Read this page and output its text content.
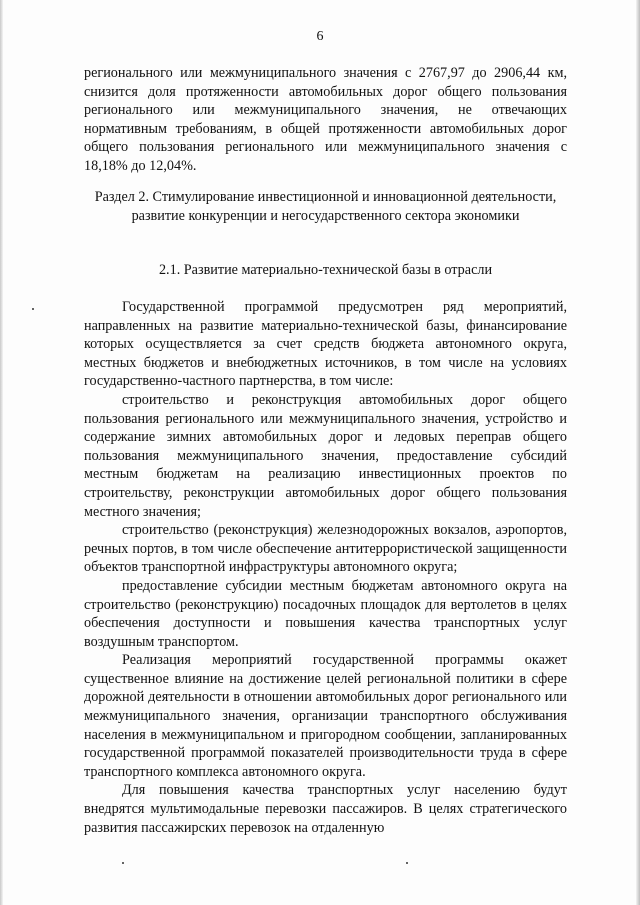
6

регионального или межмуниципального значения с 2767,97 до 2906,44 км, снизится доля протяженности автомобильных дорог общего пользования регионального или межмуниципального значения, не отвечающих нормативным требованиям, в общей протяженности автомобильных дорог общего пользования регионального или межмуниципального значения с 18,18% до 12,04%.

Раздел 2. Стимулирование инвестиционной и инновационной деятельности, развитие конкуренции и негосударственного сектора экономики

2.1. Развитие материально-технической базы в отрасли

Государственной программой предусмотрен ряд мероприятий, направленных на развитие материально-технической базы, финансирование которых осуществляется за счет средств бюджета автономного округа, местных бюджетов и внебюджетных источников, в том числе на условиях государственно-частного партнерства, в том числе:

строительство и реконструкция автомобильных дорог общего пользования регионального или межмуниципального значения, устройство и содержание зимних автомобильных дорог и ледовых переправ общего пользования межмуниципального значения, предоставление субсидий местным бюджетам на реализацию инвестиционных проектов по строительству, реконструкции автомобильных дорог общего пользования местного значения;

строительство (реконструкция) железнодорожных вокзалов, аэропортов, речных портов, в том числе обеспечение антитеррористической защищенности объектов транспортной инфраструктуры автономного округа;

предоставление субсидии местным бюджетам автономного округа на строительство (реконструкцию) посадочных площадок для вертолетов в целях обеспечения доступности и повышения качества транспортных услуг воздушным транспортом.

Реализация мероприятий государственной программы окажет существенное влияние на достижение целей региональной политики в сфере дорожной деятельности в отношении автомобильных дорог регионального или межмуниципального значения, организации транспортного обслуживания населения в межмуниципальном и пригородном сообщении, запланированных государственной программой показателей производительности труда в сфере транспортного комплекса автономного округа.

Для повышения качества транспортных услуг населению будут внедрятся мультимодальные перевозки пассажиров. В целях стратегического развития пассажирских перевозок на отдаленную
